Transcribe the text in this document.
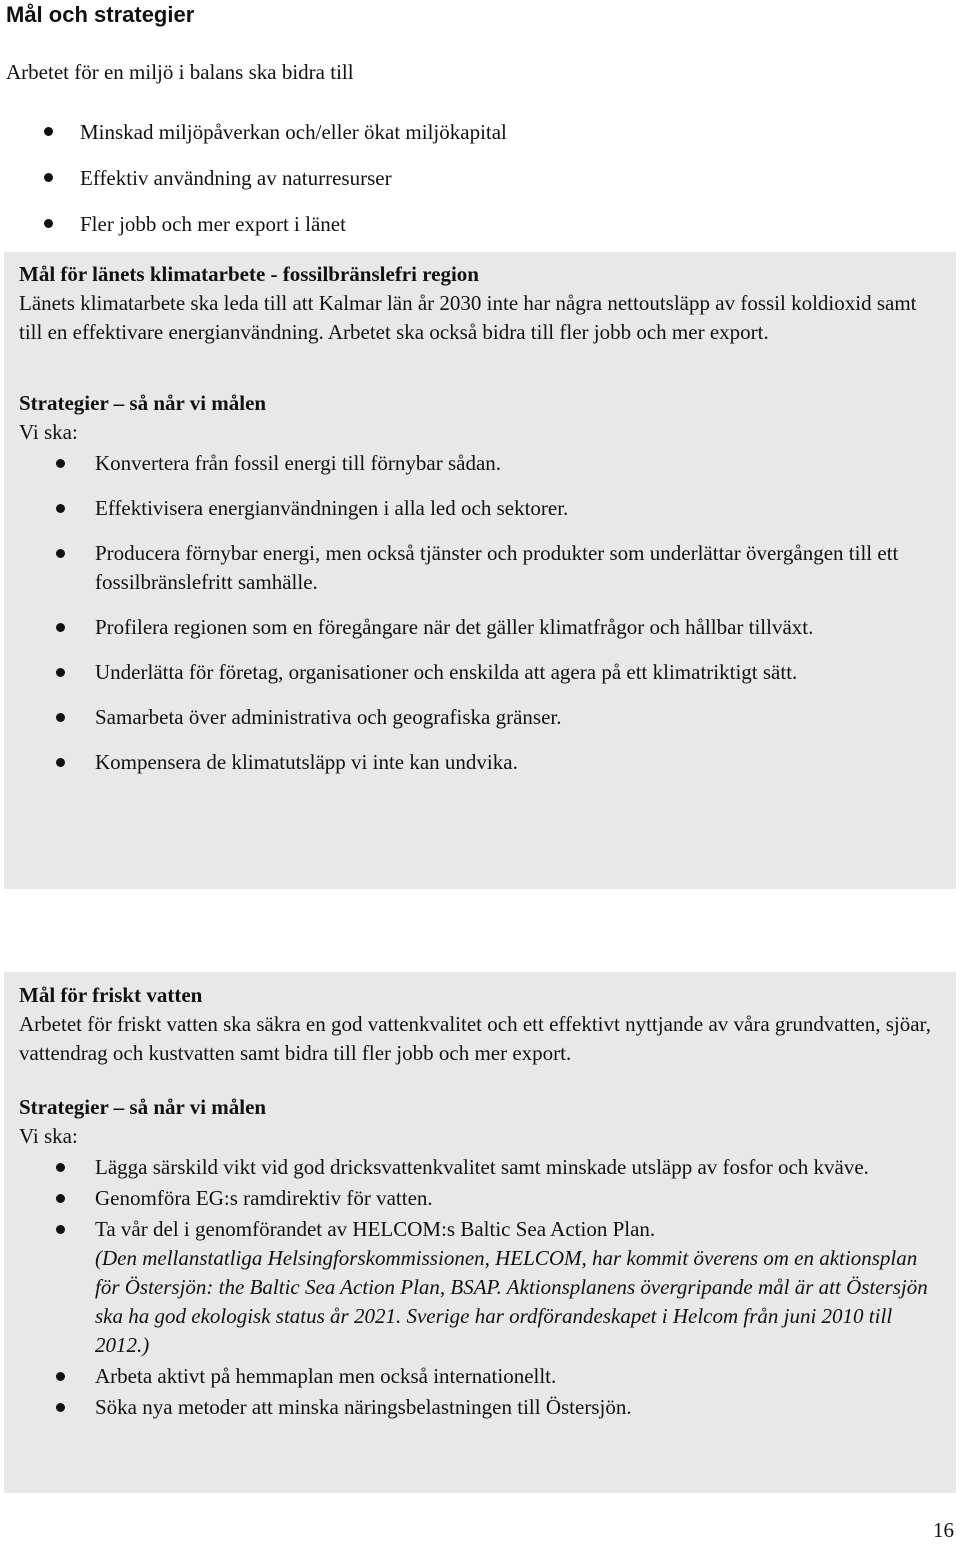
Mål och strategier

Arbetet för en miljö i balans ska bidra till

Minskad miljöpåverkan och/eller ökat miljökapital
Effektiv användning av naturresurser
Fler jobb och mer export i länet

Mål för länets klimatarbete - fossilbränslefri region

Länets klimatarbete ska leda till att Kalmar län år 2030 inte har några nettoutsläpp av fossil koldioxid samt till en effektivare energianvändning. Arbetet ska också bidra till fler jobb och mer export.

Strategier – så når vi målen

Vi ska:

Konvertera från fossil energi till förnybar sådan.
Effektivisera energianvändningen i alla led och sektorer.
Producera förnybar energi, men också tjänster och produkter som underlättar övergången till ett fossilbränslefritt samhälle.
Profilera regionen som en föregångare när det gäller klimatfrågor och hållbar tillväxt.
Underlätta för företag, organisationer och enskilda att agera på ett klimatriktigt sätt.
Samarbeta över administrativa och geografiska gränser.
Kompensera de klimatutsläpp vi inte kan undvika.

Mål för friskt vatten

Arbetet för friskt vatten ska säkra en god vattenkvalitet och ett effektivt nyttjande av våra grundvatten, sjöar, vattendrag och kustvatten samt bidra till fler jobb och mer export.

Strategier – så når vi målen

Vi ska:

Lägga särskild vikt vid god dricksvattenkvalitet samt minskade utsläpp av fosfor och kväve.
Genomföra EG:s ramdirektiv för vatten.
Ta vår del i genomförandet av HELCOM:s Baltic Sea Action Plan.
(Den mellanstatliga Helsingforskommissionen, HELCOM, har kommit överens om en aktionsplan för Östersjön: the Baltic Sea Action Plan, BSAP. Aktionsplanens övergripande mål är att Östersjön ska ha god ekologisk status år 2021. Sverige har ordförandeskapet i Helcom från juni 2010 till 2012.)
Arbeta aktivt på hemmaplan men också internationellt.
Söka nya metoder att minska näringsbelastningen till Östersjön.
16
